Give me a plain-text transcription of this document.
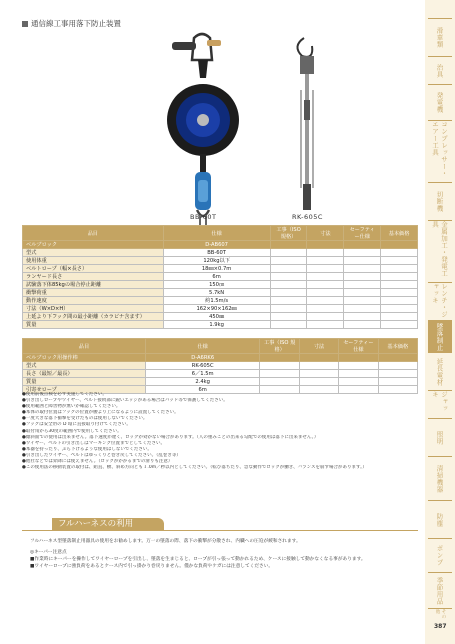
通信線工事用落下防止装置
BB-60T	RK-605C
品目	仕様	工事（ISO 規格）	寸法	セーフティー仕様	基本価格
ベルブロック	D-AB607				
型式	BB-60T				
使用体重	120kg以下				
ベルトロープ（幅×長さ）	18㎜×0.7m				
ランヤード長さ	6m				
試験落下体85kgの場合停止距離	150㎝				
衝撃荷重	5.7kN				
動作速度	約1.5m/s				
寸法（W×D×H）	162×90×162㎜				
上延より下フック間の最小距離（カラビナ含ます）	450㎜				
質量	1.9kg				
品目	仕様	工事（ISO 規格）	寸法	セーフティー仕様	基本価格
ベルブロック用操作棒	D-A6RK6				
型式	RK-605C				
長さ（最短／最長）	6／1.5m				
質量	2.4kg				
引寄せロープ	6m				
●使用前後点検を必ず実施してください。
●引き出しロープやワイヤー、ベルト接続部に鋭いエッジがある場合はパッド等で保護してください。
●使用範囲と障害物が無いか確認してください。
●本体の取付位置はフックの位置が腰より上になるように設置してください。
●一度大きな落下衝撃を受けたものは使用しないでください。
●フックは安全帯の D 環に直接取り付けてください。
●取付角から30度の範囲内で使用してください。
●傾斜面での使用は出来ません。落下速度が遅く、ロックが効かない場合があります。（人の重みことの出来る勾配での使用は落下に出来ません。）
●ワイヤー、ベルトの引き出しはマーキング位置までとしてください。
●本器を持ったり、ぶら下げるような使用はしないでください。
●引き出したワイヤー、ベルトはゆっくりと巻き戻してください。（乱巻き等）
●他社などでは昇降には使えません。（ロックがかかるまでの滑りも注意）
●この使用法の移動装置の取付は、鉛直、横、斜め方向とも１.0m／秒以内としてください。（転び落ちたり、急な動作でロックが働き、バランスを崩す場合があります。）
フルハーネスの利用
フルハーネス型墜落制止用器具の使用をお勧めします。万一の墜落の際、落下の衝撃が分散され、内臓への圧迫が緩和されます。
◎キーパー注意点
■作業時にキーパーを操作してワイヤーロープを引出し、墜落を生まじると、ロープが引っ張って動かれるため、ケースに接触して動かなくなる事があります。
■ワイヤーロープに強負荷をあるとケース内で引っ掛かり巻戻りません。僅かな負荷やケガには注意してください。
滑車類
治具
発電機
コンプレッサー・エアー工具
切断機
金属加工・発電工具
レンチ・ジャッキ
墜落制止
延長電材
ジャッキ
照明
清掃機器
防塵
ポンプ
季節用品
その他
387
